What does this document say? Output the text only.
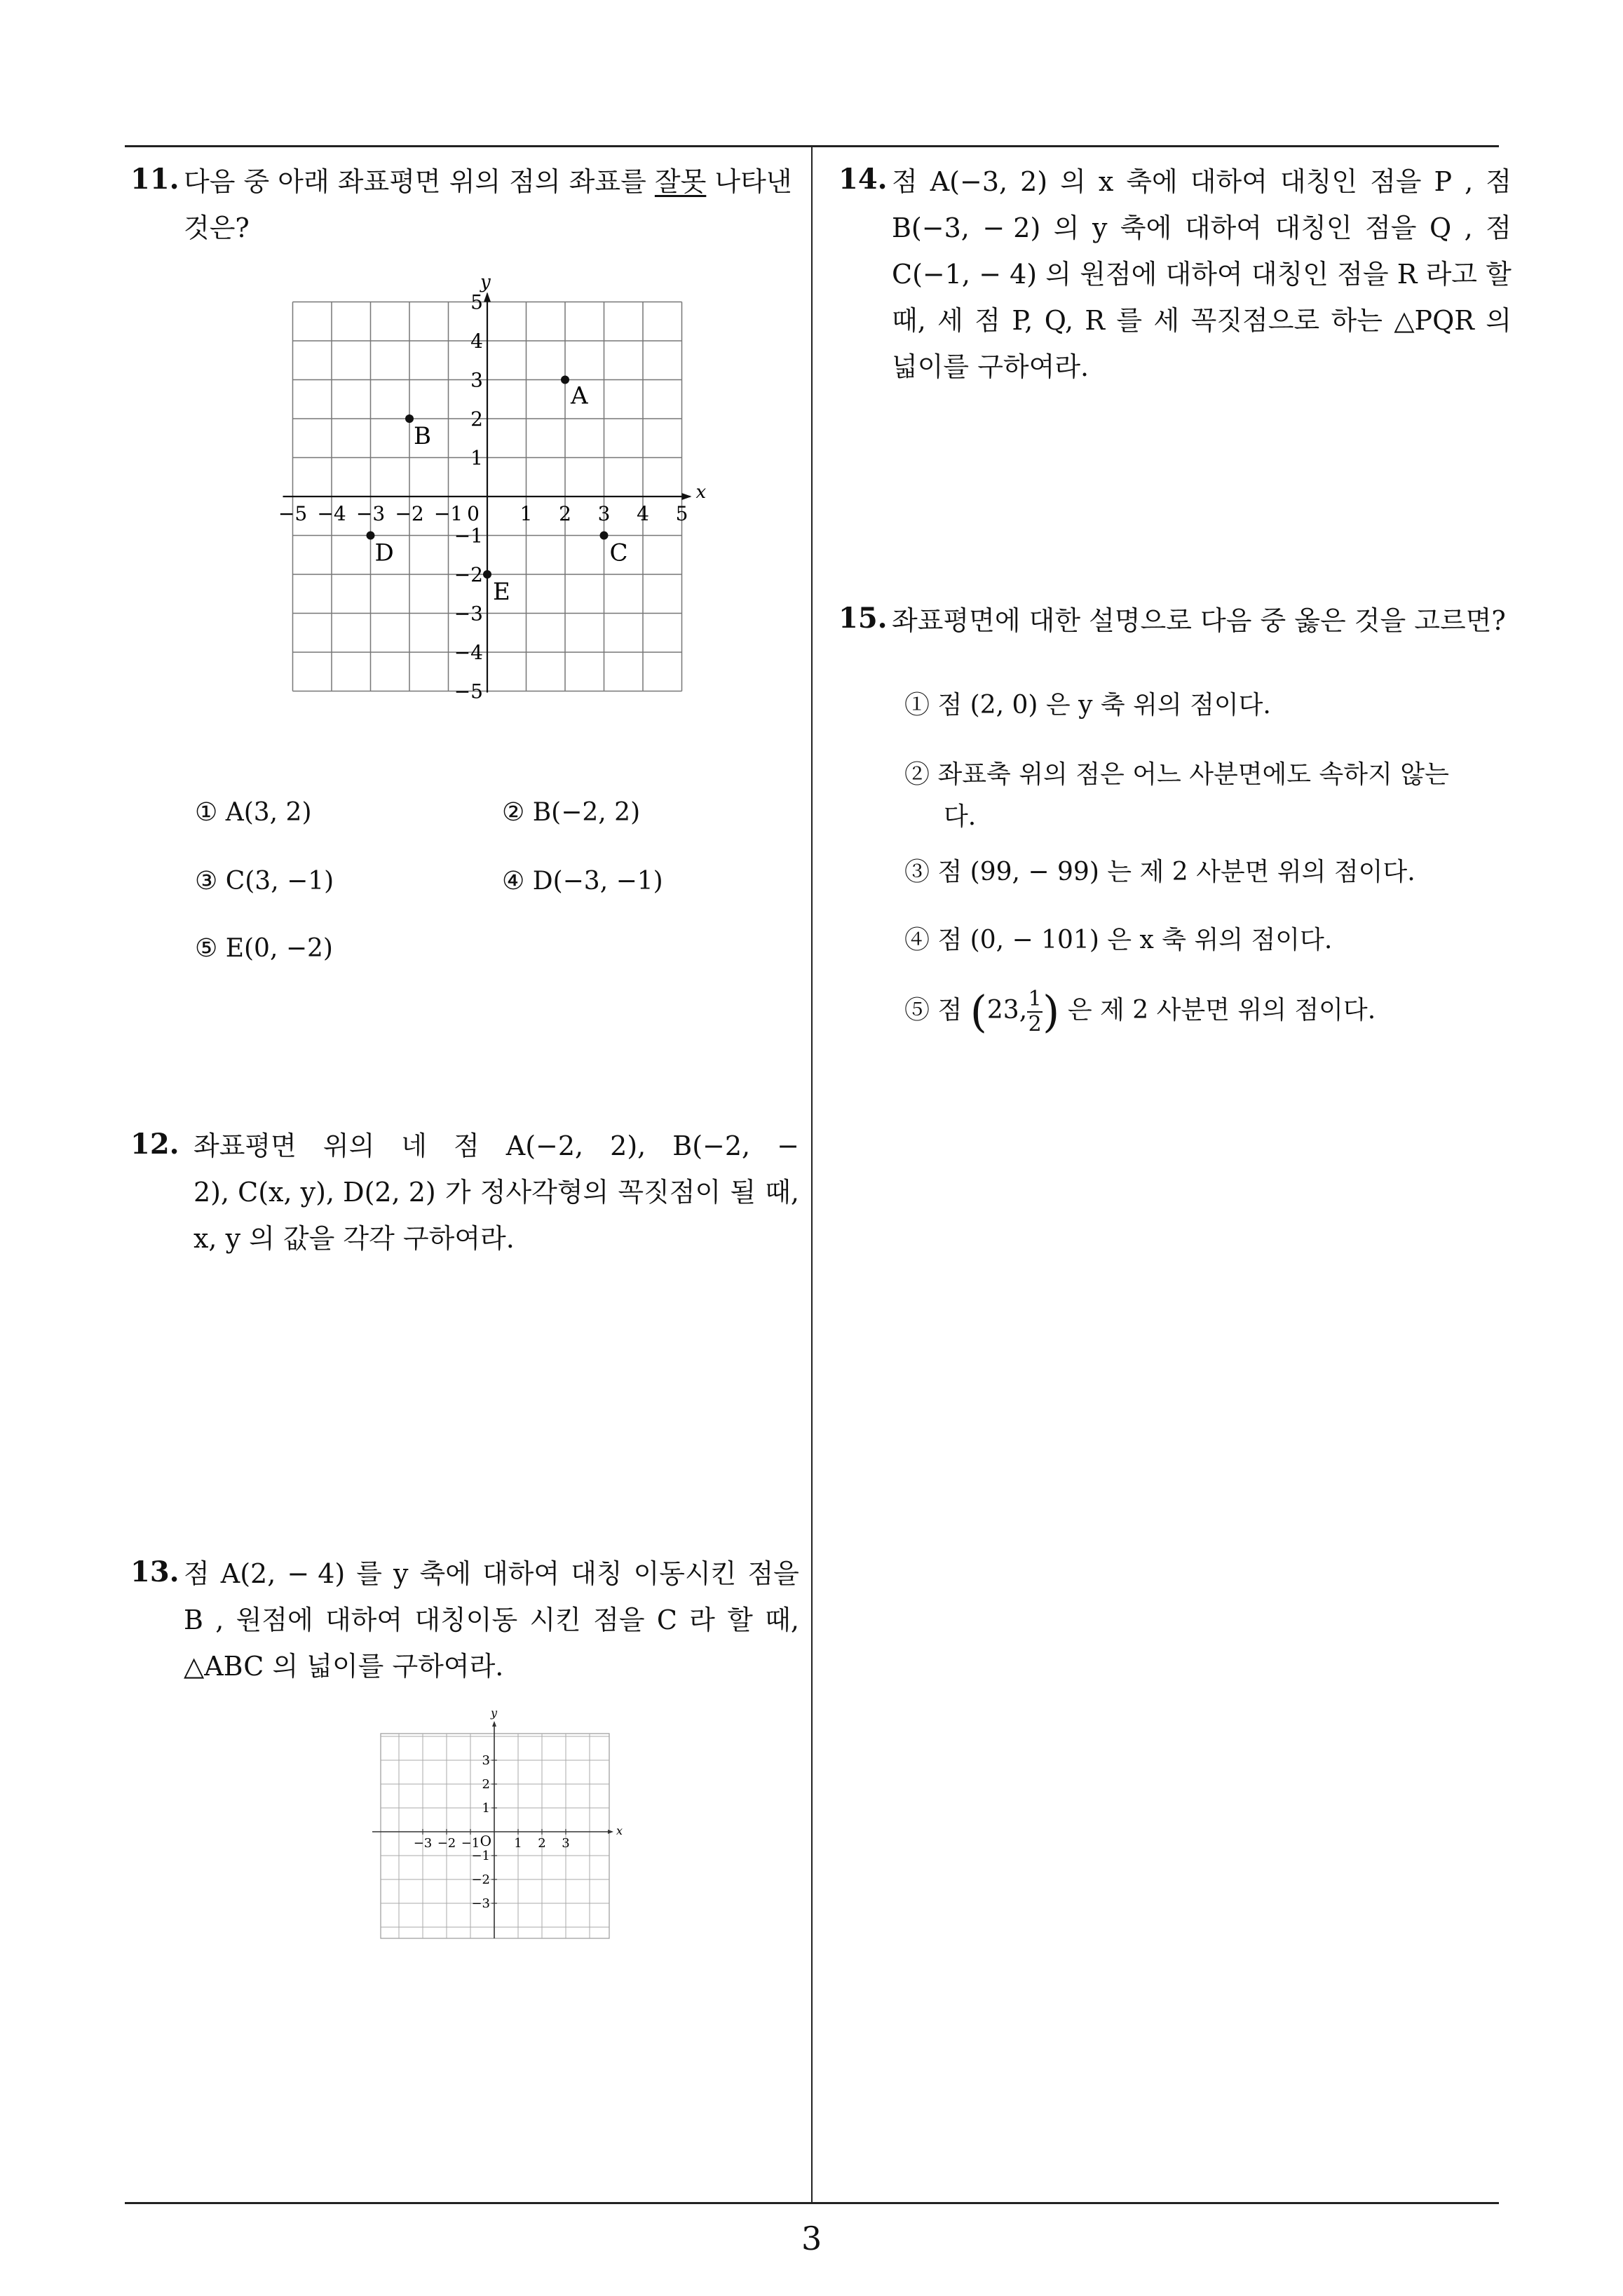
3
11. 다음 중 아래 좌표평면 위의 점의 좌표를 잘못 나타낸
것은?
x
y
−5 −4 −3 −2 −1 0 1 2 3 4 5
5
4
3
2
1
−1
−2
−3
−4
−5
A
B
C
D
E
① A(3, 2)	② B(−2, 2)
③ C(3, −1)	④ D(−3, −1)
⑤ E(0, −2)
12. 좌표평면 위의 네 점 A(−2, 2), B(−2, −
2), C(x, y), D(2, 2) 가 정사각형의 꼭짓점이 될 때,
x, y 의 값을 각각 구하여라.
13. 점 A(2, − 4) 를 y 축에 대하여 대칭 이동시킨 점을
B , 원점에 대하여 대칭이동 시킨 점을 C 라 할 때,
△ABC 의 넓이를 구하여라.
x
y
O
−3 −2 −1	1 2 3
3
2
1
−1
−2
−3
14. 점 A(−3, 2) 의 x 축에 대하여 대칭인 점을 P , 점
B(−3, − 2) 의 y 축에 대하여 대칭인 점을 Q , 점
C(−1, − 4) 의 원점에 대하여 대칭인 점을 R 라고 할
때, 세 점 P, Q, R 를 세 꼭짓점으로 하는 △PQR 의
넓이를 구하여라.
15. 좌표평면에 대한 설명으로 다음 중 옳은 것을 고르면?
① 점 (2, 0) 은 y 축 위의 점이다.
② 좌표축 위의 점은 어느 사분면에도 속하지 않는
다.
③ 점 (99, − 99) 는 제 2 사분면 위의 점이다.
④ 점 (0, − 101) 은 x 축 위의 점이다.
⑤ 점 (23, $\frac{1}{2}$ ) 은 제 2 사분면 위의 점이다.
